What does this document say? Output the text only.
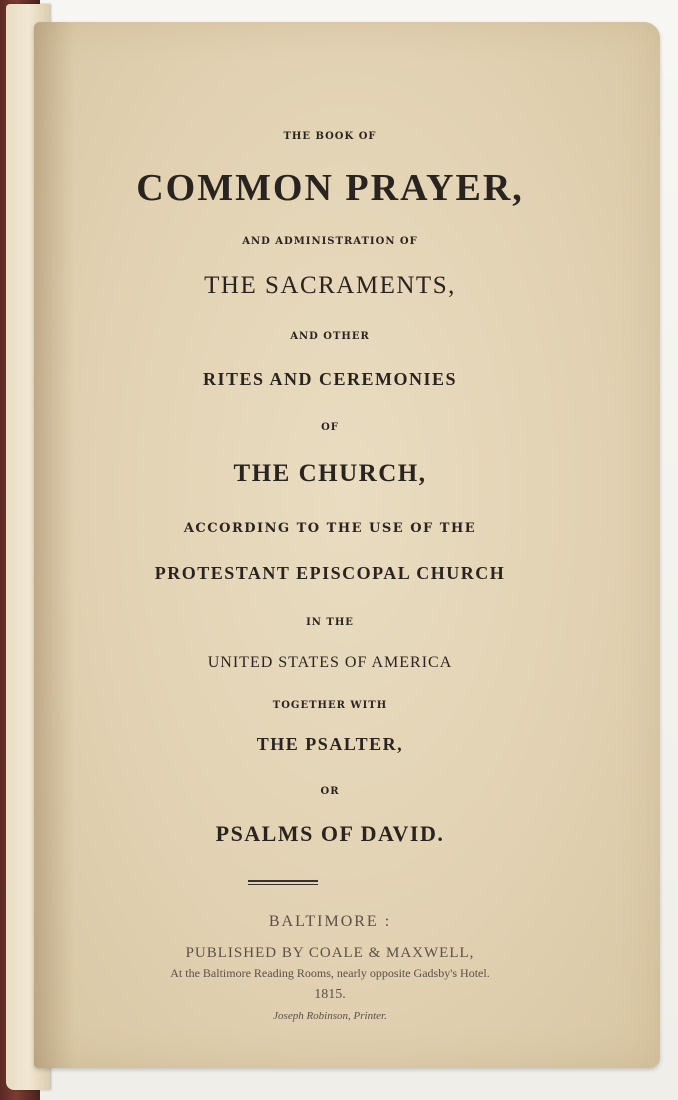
THE BOOK OF
COMMON PRAYER,
AND ADMINISTRATION OF
THE SACRAMENTS,
AND OTHER
RITES AND CEREMONIES
OF
THE CHURCH,
ACCORDING TO THE USE OF THE
PROTESTANT EPISCOPAL CHURCH
IN THE
UNITED STATES OF AMERICA
TOGETHER WITH
THE PSALTER,
OR
PSALMS OF DAVID.
BALTIMORE :
PUBLISHED BY COALE & MAXWELL,
At the Baltimore Reading Rooms, nearly opposite Gadsby's Hotel.
1815.
Joseph Robinson, Printer.
